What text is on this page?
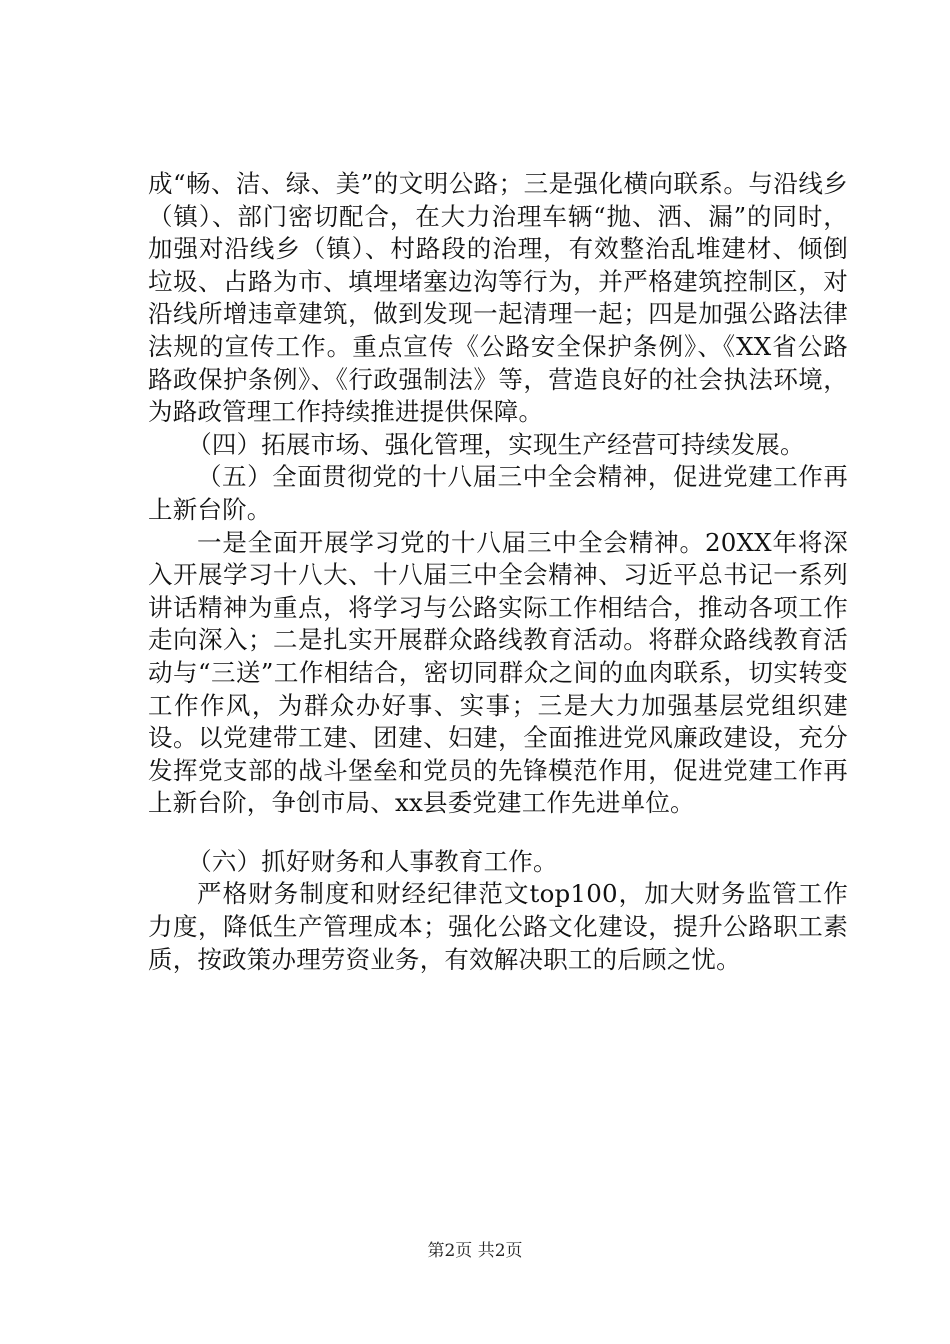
成“畅、洁、绿、美”的文明公路；三是强化横向联系。与沿线乡（镇）、部门密切配合，在大力治理车辆“抛、洒、漏”的同时，加强对沿线乡（镇）、村路段的治理，有效整治乱堆建材、倾倒垃圾、占路为市、填埋堵塞边沟等行为，并严格建筑控制区，对沿线所增违章建筑，做到发现一起清理一起；四是加强公路法律法规的宣传工作。重点宣传《公路安全保护条例》、《XX省公路路政保护条例》、《行政强制法》等，营造良好的社会执法环境，为路政管理工作持续推进提供保障。

（四）拓展市场、强化管理，实现生产经营可持续发展。

（五）全面贯彻党的十八届三中全会精神，促进党建工作再上新台阶。

一是全面开展学习党的十八届三中全会精神。20XX年将深入开展学习十八大、十八届三中全会精神、习近平总书记一系列讲话精神为重点，将学习与公路实际工作相结合，推动各项工作走向深入；二是扎实开展群众路线教育活动。将群众路线教育活动与“三送”工作相结合，密切同群众之间的血肉联系，切实转变工作作风，为群众办好事、实事；三是大力加强基层党组织建设。以党建带工建、团建、妇建，全面推进党风廉政建设，充分发挥党支部的战斗堡垒和党员的先锋模范作用，促进党建工作再上新台阶，争创市局、xx县委党建工作先进单位。

（六）抓好财务和人事教育工作。

严格财务制度和财经纪律范文top100，加大财务监管工作力度，降低生产管理成本；强化公路文化建设，提升公路职工素质，按政策办理劳资业务，有效解决职工的后顾之忧。

第2页 共2页
